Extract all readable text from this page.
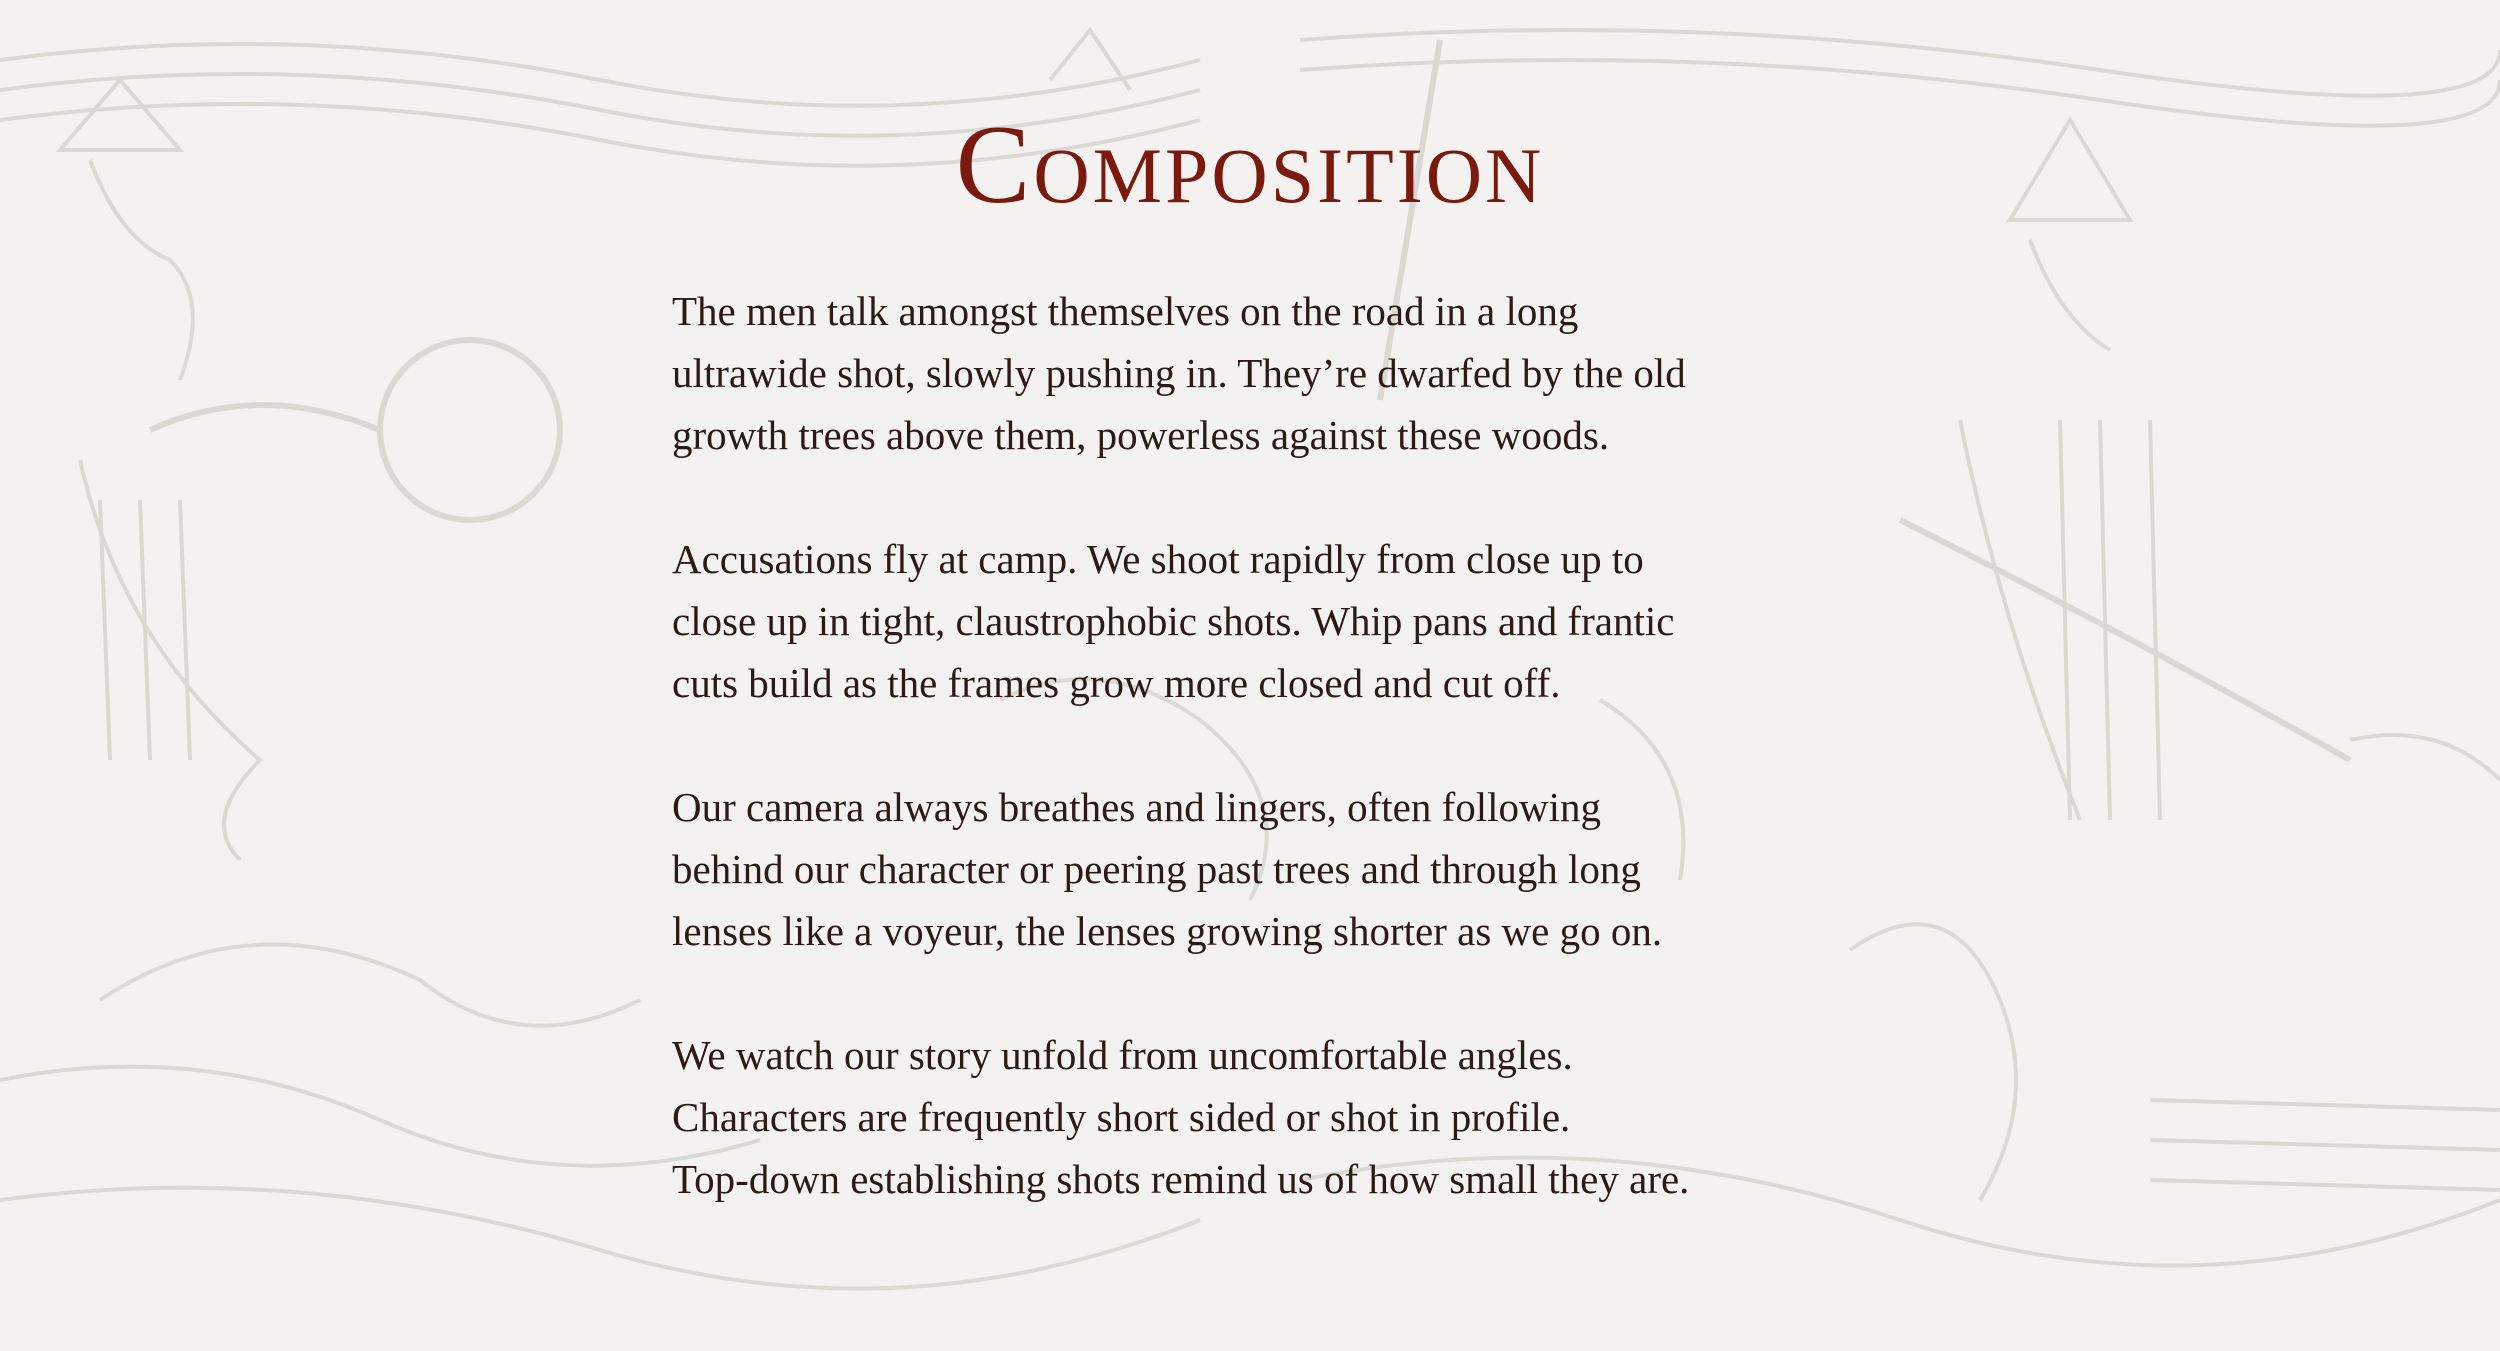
Composition

The men talk amongst themselves on the road in a long
ultrawide shot, slowly pushing in. They’re dwarfed by the old
growth trees above them, powerless against these woods.

Accusations fly at camp. We shoot rapidly from close up to
close up in tight, claustrophobic shots. Whip pans and frantic
cuts build as the frames grow more closed and cut off.

Our camera always breathes and lingers, often following
behind our character or peering past trees and through long
lenses like a voyeur, the lenses growing shorter as we go on.

We watch our story unfold from uncomfortable angles.
Characters are frequently short sided or shot in profile.
Top-down establishing shots remind us of how small they are.
